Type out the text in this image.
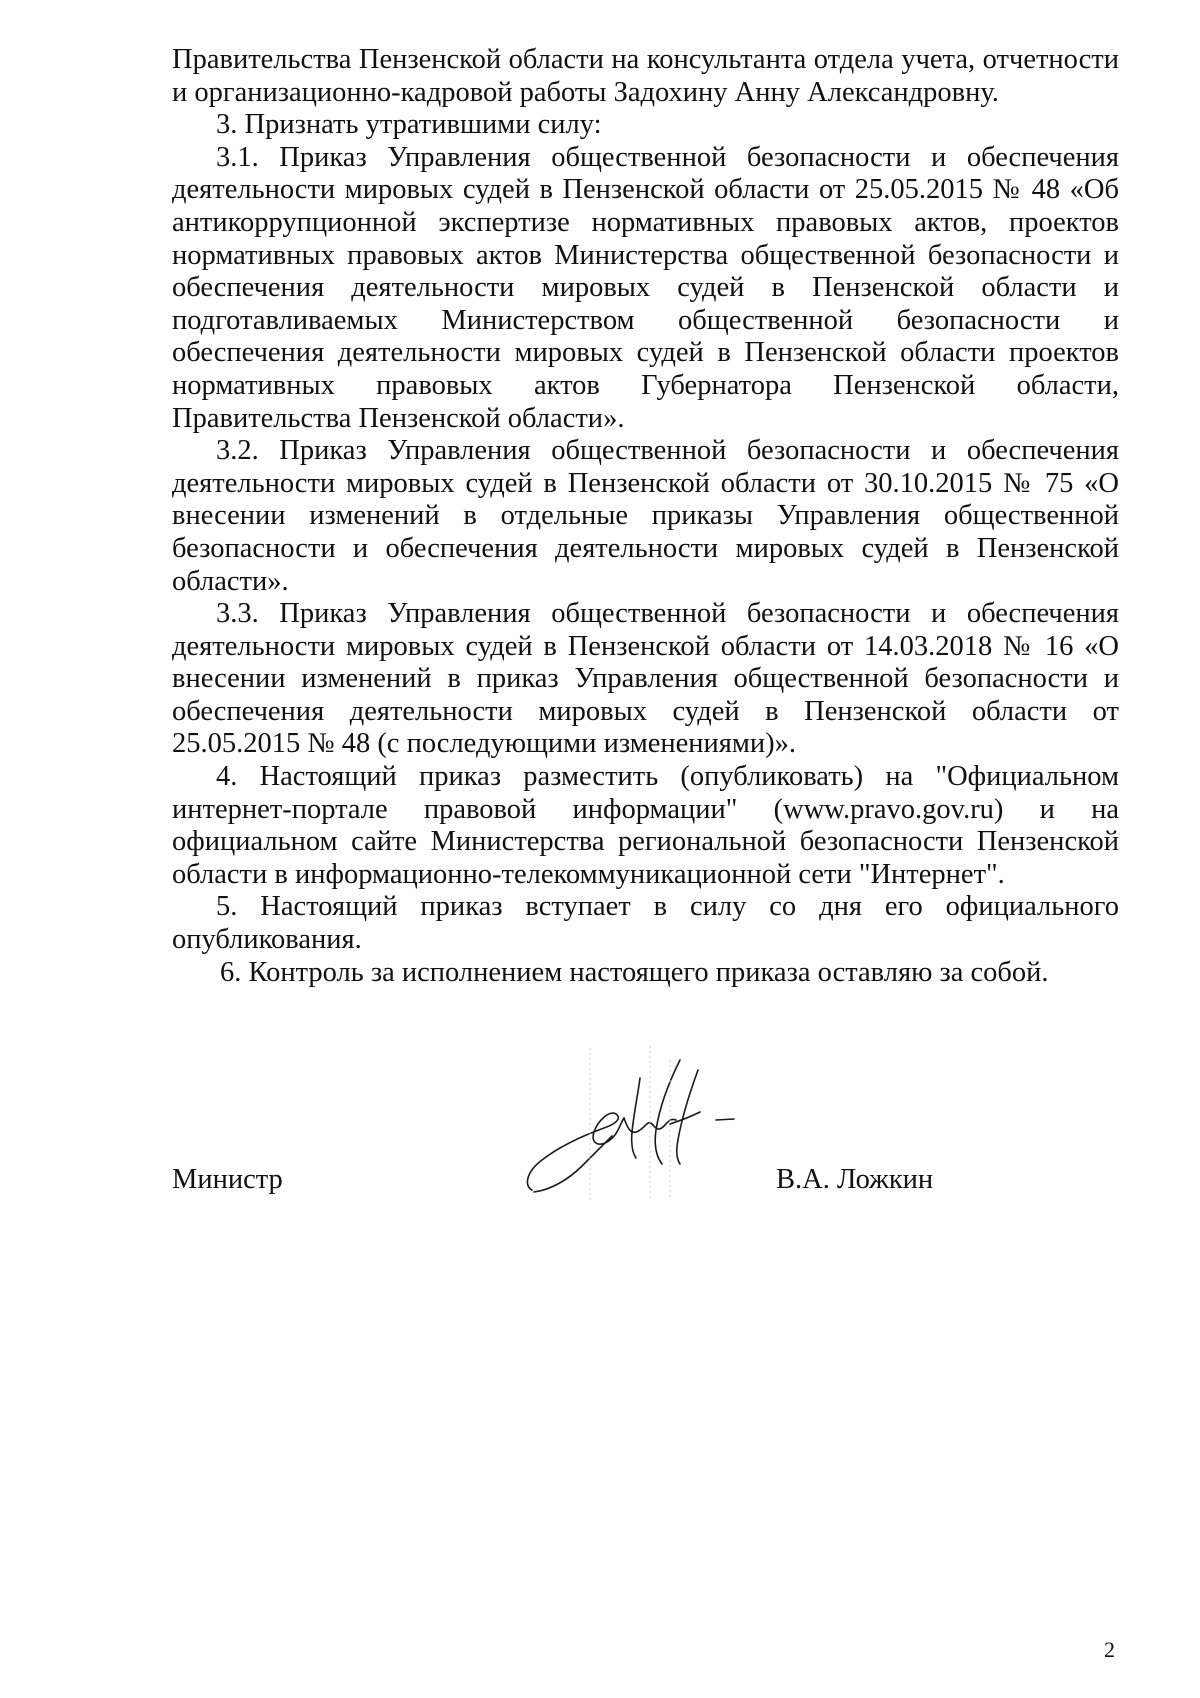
Правительства Пензенской области на консультанта отдела учета, отчетности и организационно-кадровой работы Задохину Анну Александровну.

3. Признать утратившими силу:

3.1. Приказ Управления общественной безопасности и обеспечения деятельности мировых судей в Пензенской области от 25.05.2015 № 48 «Об антикоррупционной экспертизе нормативных правовых актов, проектов нормативных правовых актов Министерства общественной безопасности и обеспечения деятельности мировых судей в Пензенской области и подготавливаемых Министерством общественной безопасности и обеспечения деятельности мировых судей в Пензенской области проектов нормативных правовых актов Губернатора Пензенской области, Правительства Пензенской области».

3.2. Приказ Управления общественной безопасности и обеспечения деятельности мировых судей в Пензенской области от 30.10.2015 № 75 «О внесении изменений в отдельные приказы Управления общественной безопасности и обеспечения деятельности мировых судей в Пензенской области».

3.3. Приказ Управления общественной безопасности и обеспечения деятельности мировых судей в Пензенской области от 14.03.2018 № 16 «О внесении изменений в приказ Управления общественной безопасности и обеспечения деятельности мировых судей в Пензенской области от 25.05.2015 № 48 (с последующими изменениями)».

4. Настоящий приказ разместить (опубликовать) на "Официальном интернет-портале правовой информации" (www.pravo.gov.ru) и на официальном сайте Министерства региональной безопасности Пензенской области в информационно-телекоммуникационной сети "Интернет".

5. Настоящий приказ вступает в силу со дня его официального опубликования.

6. Контроль за исполнением настоящего приказа оставляю за собой.

Министр	В.А. Ложкин
2
